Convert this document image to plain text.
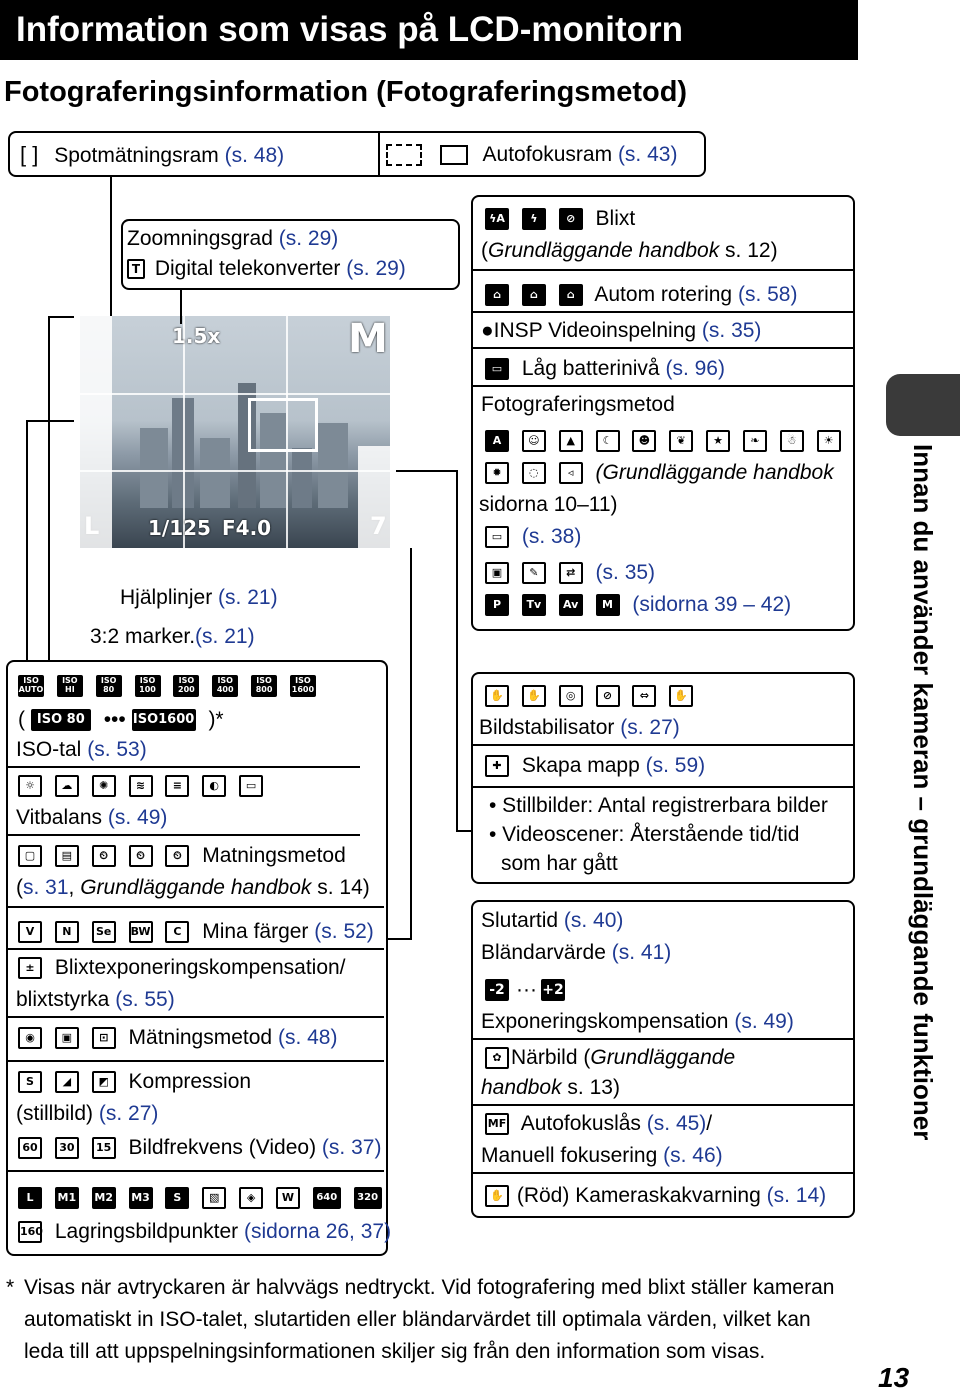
Information som visas på LCD-monitorn
Fotograferingsinformation (Fotograferingsmetod)
[ ] Spotmätningsram (s. 48)	Autofokusram (s. 43)
Zoomningsgrad (s. 29)
T Digital telekonverter (s. 29)
1.5x	M
1/125 F4.0
Hjälplinjer (s. 21)
3:2 marker.(s. 21)
ISO
AUTO ISO
HI ISO
80 ISO
100 ISO
200 ISO
400 ISO
800 ISO
1600
( ISO 80 ••• ISO1600 )*
ISO-tal (s. 53)
☼ ☁ ✺	≋	≡ ◐ ▭
Vitbalans (s. 49)
▢ ▤ ⏲	⏲	⏲ Matningsmetod
(s. 31, Grundläggande handbok s. 14)
V	N Se BW C Mina färger (s. 52)
± Blixtexponeringskompensation/
blixtstyrka (s. 55)
◉ ▣ ⊡ Mätningsmetod (s. 48)
S	◢ ◩ Kompression
(stillbild) (s. 27)
60 30 15 Bildfrekvens (Video) (s. 37)
L M1 M2 M3 S	▧ ◈ W 640 320
160 Lagringsbildpunkter (sidorna 26, 37)
ϟA ϟ	⊘ Blixt
(Grundläggande handbok s. 12)
⌂	⌂	⌂ Autom rotering (s. 58)
●INSP Videoinspelning (s. 35)
▭ Låg batterinivå (s. 96)
Fotograferingsmetod
A ☺ ▲	☾ ☻ ❦ ★ ❧ ☃ ☀
✹ ◌	◃ (Grundläggande handbok
sidorna 10–11)
▭ (s. 38)
▣ ✎	⇄ (s. 35)
P Tv Av M (sidorna 39 – 42)
✋ ✋ ◎ ⊘	⇔ ✋
Bildstabilisator (s. 27)
✚ Skapa mapp (s. 59)
• Stillbilder: Antal registrerbara bilder
• Videoscener: Återstående tid/tid
som har gått
Slutartid (s. 40)
Bländarvärde (s. 41)
-2 ··· +2
Exponeringskompensation (s. 49)
✿ Närbild (Grundläggande
handbok s. 13)
MF Autofokuslås (s. 45)/
Manuell fokusering (s. 46)
✋ (Röd) Kameraskakvarning (s. 14)
Innan du använder kameran – grundläggande funktioner
* Visas när avtryckaren är halvvägs nedtryckt. Vid fotografering med blixt ställer kameran automatiskt in ISO-talet, slutartiden eller bländarvärdet till optimala värden, vilket kan leda till att uppspelningsinformationen skiljer sig från den information som visas.
13
